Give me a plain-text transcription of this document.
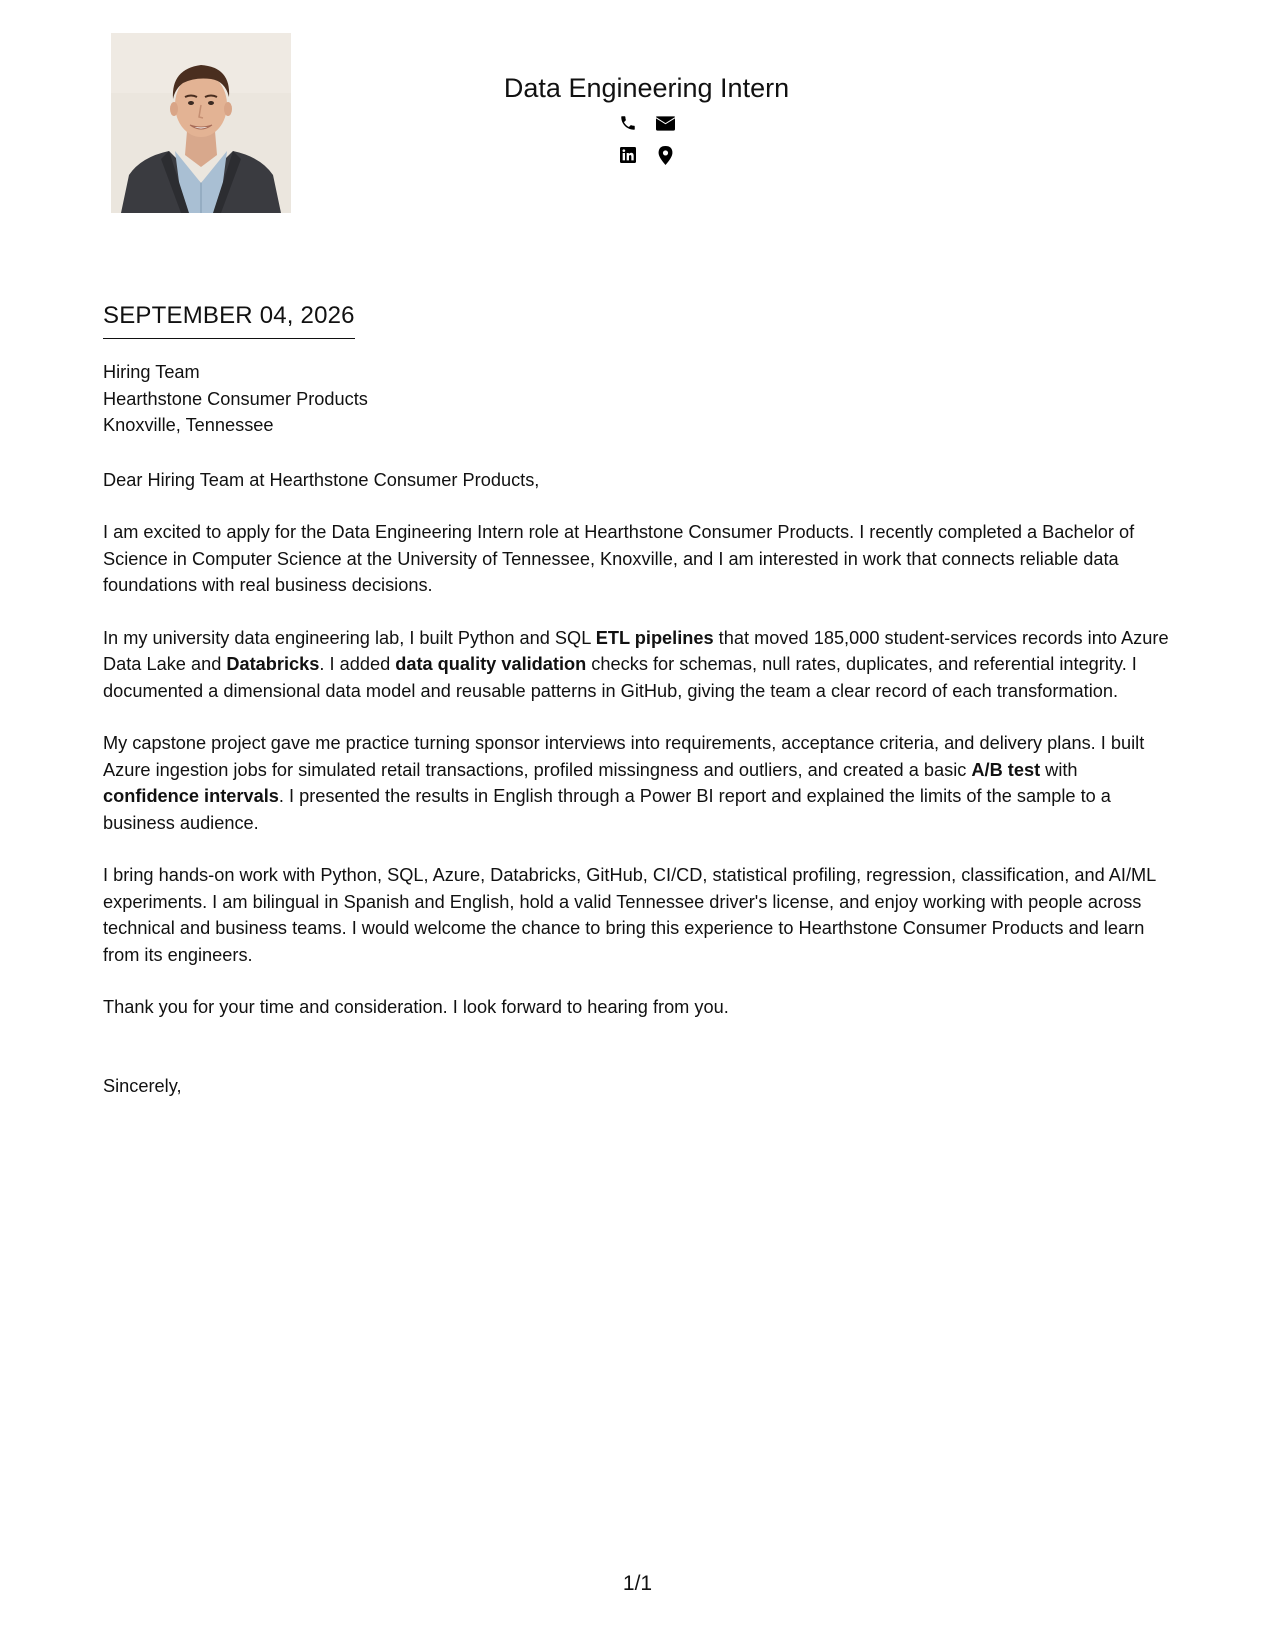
Data Engineering Intern
SEPTEMBER 04, 2026
Hiring Team
Hearthstone Consumer Products
Knoxville, Tennessee

Dear Hiring Team at Hearthstone Consumer Products,

I am excited to apply for the Data Engineering Intern role at Hearthstone Consumer Products. I recently completed a Bachelor of Science in Computer Science at the University of Tennessee, Knoxville, and I am interested in work that connects reliable data foundations with real business decisions.

In my university data engineering lab, I built Python and SQL ETL pipelines that moved 185,000 student-services records into Azure Data Lake and Databricks. I added data quality validation checks for schemas, null rates, duplicates, and referential integrity. I documented a dimensional data model and reusable patterns in GitHub, giving the team a clear record of each transformation.

My capstone project gave me practice turning sponsor interviews into requirements, acceptance criteria, and delivery plans. I built Azure ingestion jobs for simulated retail transactions, profiled missingness and outliers, and created a basic A/B test with confidence intervals. I presented the results in English through a Power BI report and explained the limits of the sample to a business audience.

I bring hands-on work with Python, SQL, Azure, Databricks, GitHub, CI/CD, statistical profiling, regression, classification, and AI/ML experiments. I am bilingual in Spanish and English, hold a valid Tennessee driver's license, and enjoy working with people across technical and business teams. I would welcome the chance to bring this experience to Hearthstone Consumer Products and learn from its engineers.

Thank you for your time and consideration. I look forward to hearing from you.

Sincerely,

1/1
